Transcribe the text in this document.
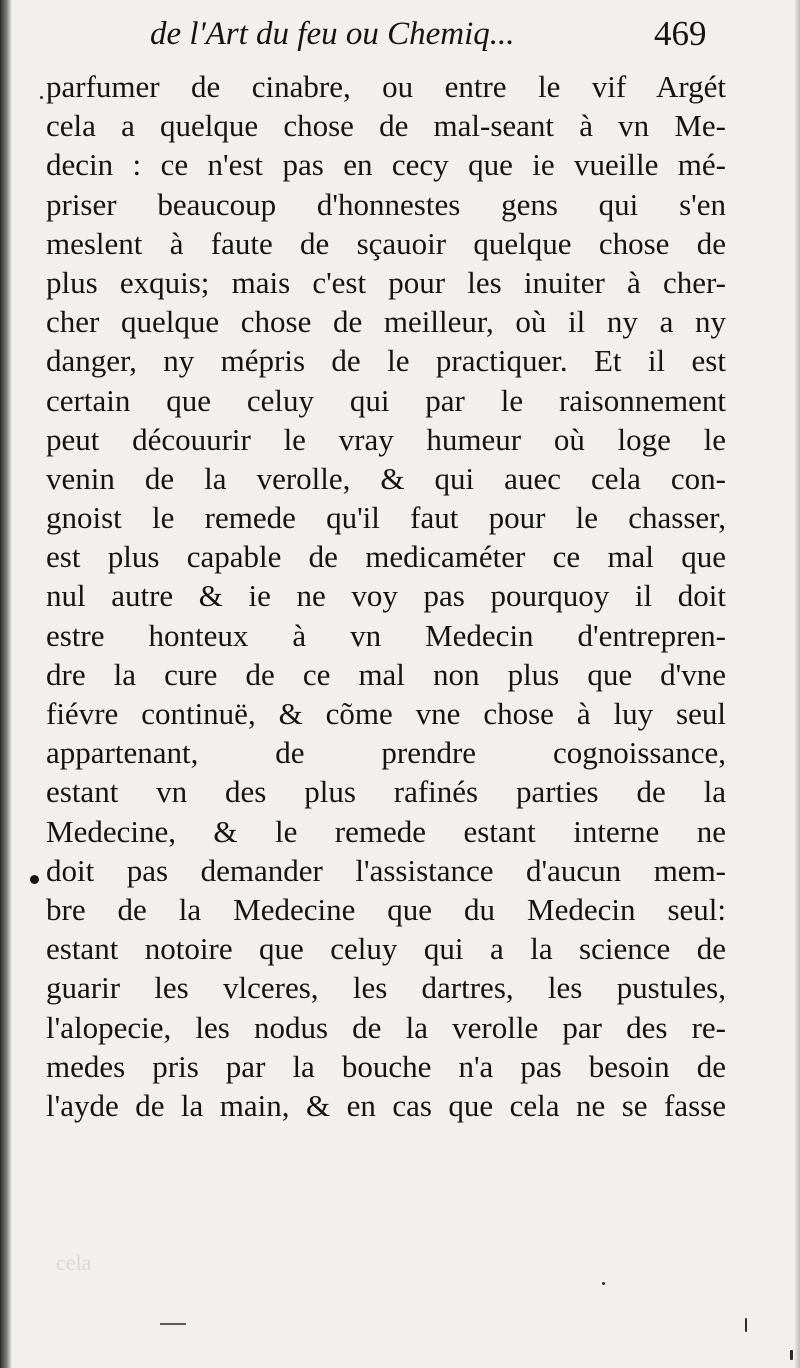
de l'Art du feu ou Chemiq...	469
parfumer de cinabre, ou entre le vif Argét
cela a quelque chose de mal-seant à vn Me-
decin : ce n'est pas en cecy que ie vueille mé-
priser beaucoup d'honnestes gens qui s'en
meslent à faute de sçauoir quelque chose de
plus exquis; mais c'est pour les inuiter à cher-
cher quelque chose de meilleur, où il ny a ny
danger, ny mépris de le practiquer. Et il est
certain que celuy qui par le raisonnement
peut découurir le vray humeur où loge le
venin de la verolle, & qui auec cela con-
gnoist le remede qu'il faut pour le chasser,
est plus capable de medicaméter ce mal que
nul autre & ie ne voy pas pourquoy il doit
estre honteux à vn Medecin d'entrepren-
dre la cure de ce mal non plus que d'vne
fiévre continuë, & cõme vne chose à luy seul
appartenant, de prendre cognoissance,
estant vn des plus rafinés parties de la
Medecine, & le remede estant interne ne
doit pas demander l'assistance d'aucun mem-
bre de la Medecine que du Medecin seul:
estant notoire que celuy qui a la science de
guarir les vlceres, les dartres, les pustules,
l'alopecie, les nodus de la verolle par des re-
medes pris par la bouche n'a pas besoin de
l'ayde de la main, & en cas que cela ne se fasse
cela
